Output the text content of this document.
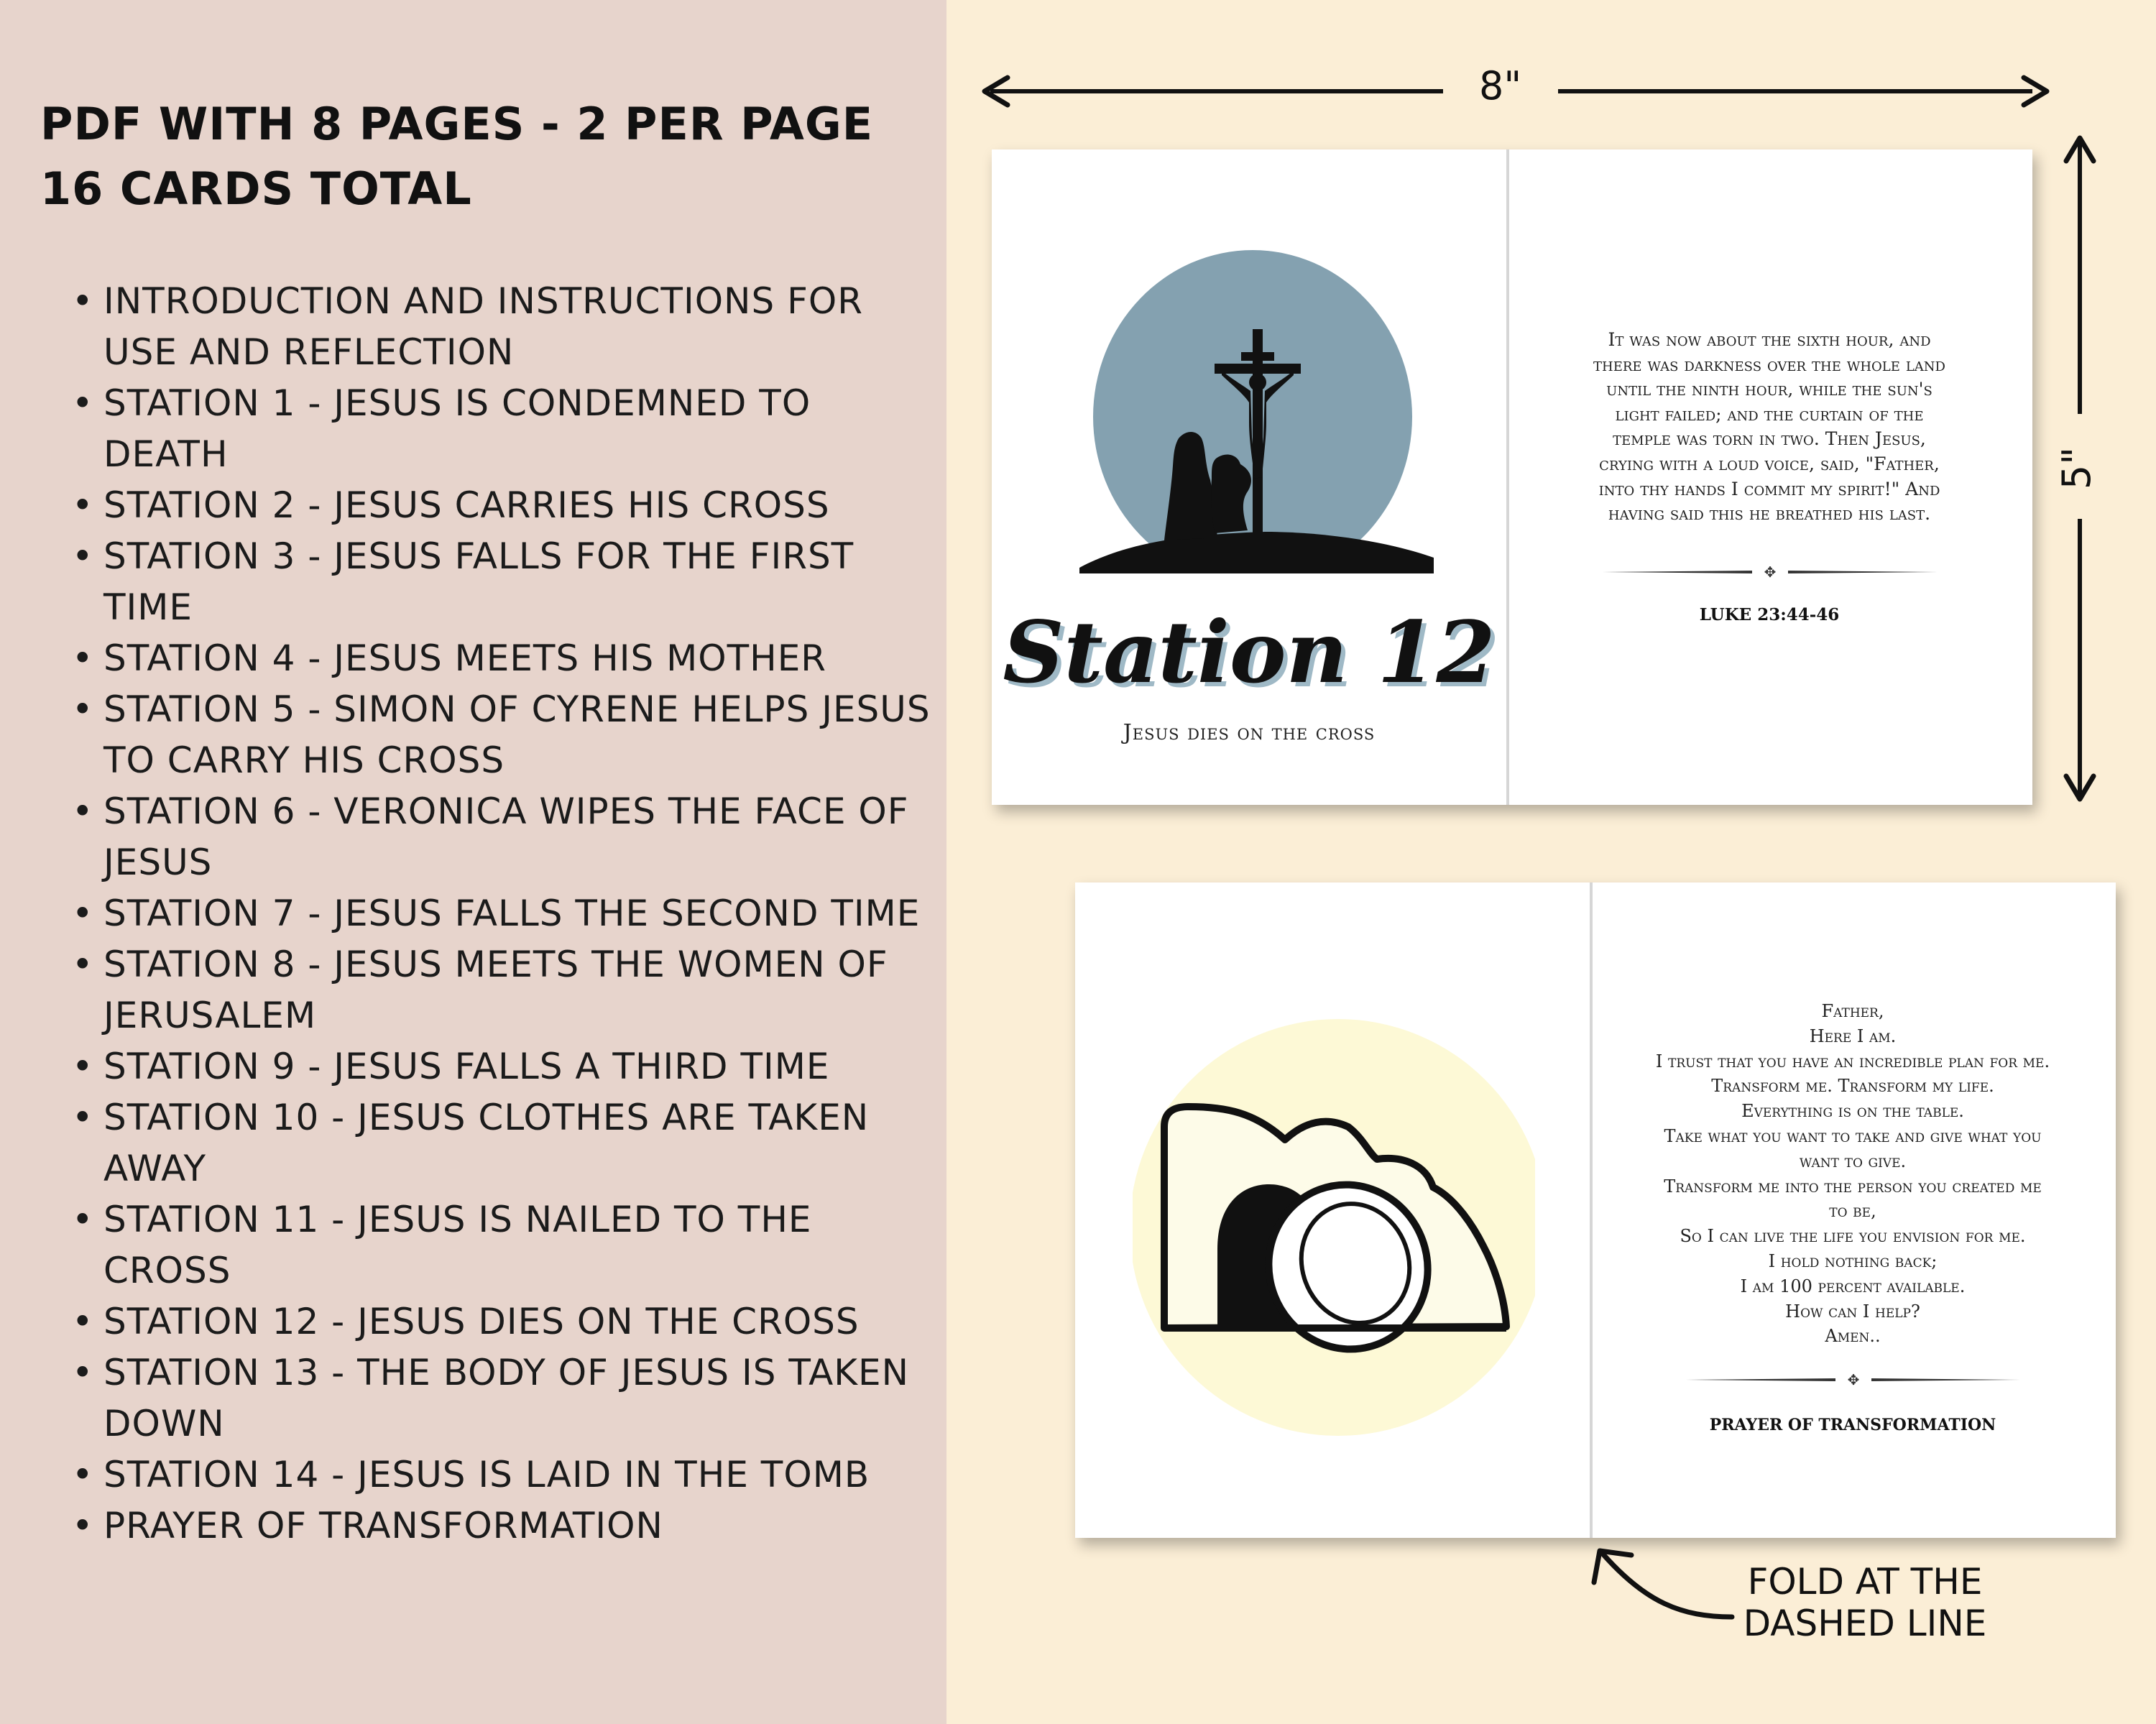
PDF WITH 8 PAGES - 2 PER PAGE
16 CARDS TOTAL
• INTRODUCTION AND INSTRUCTIONS FOR USE AND REFLECTION
• STATION 1 - JESUS IS CONDEMNED TO DEATH
• STATION 2 - JESUS CARRIES HIS CROSS
• STATION 3 - JESUS FALLS FOR THE FIRST TIME
• STATION 4 - JESUS MEETS HIS MOTHER
• STATION 5 - SIMON OF CYRENE HELPS JESUS TO CARRY HIS CROSS
• STATION 6 - VERONICA WIPES THE FACE OF JESUS
• STATION 7 - JESUS FALLS THE SECOND TIME
• STATION 8 - JESUS MEETS THE WOMEN OF JERUSALEM
• STATION 9 - JESUS FALLS A THIRD TIME
• STATION 10 - JESUS CLOTHES ARE TAKEN AWAY
• STATION 11 - JESUS IS NAILED TO THE CROSS
• STATION 12 - JESUS DIES ON THE CROSS
• STATION 13 - THE BODY OF JESUS IS TAKEN DOWN
• STATION 14 - JESUS IS LAID IN THE TOMB
• PRAYER OF TRANSFORMATION
8"
5"
Station 12
Jesus dies on the cross
It was now about the sixth hour, and
there was darkness over the whole land
until the ninth hour, while the sun's
light failed; and the curtain of the
temple was torn in two. Then Jesus,
crying with a loud voice, said, "Father,
into thy hands I commit my spirit!" And
having said this he breathed his last.
✥
LUKE 23:44-46
Father,
Here I am.
I trust that you have an incredible plan for me.
Transform me. Transform my life.
Everything is on the table.
Take what you want to take and give what you
want to give.
Transform me into the person you created me
to be,
So I can live the life you envision for me.
I hold nothing back;
I am 100 percent available.
How can I help?
Amen..
✥
PRAYER OF TRANSFORMATION
FOLD AT THE
DASHED LINE
